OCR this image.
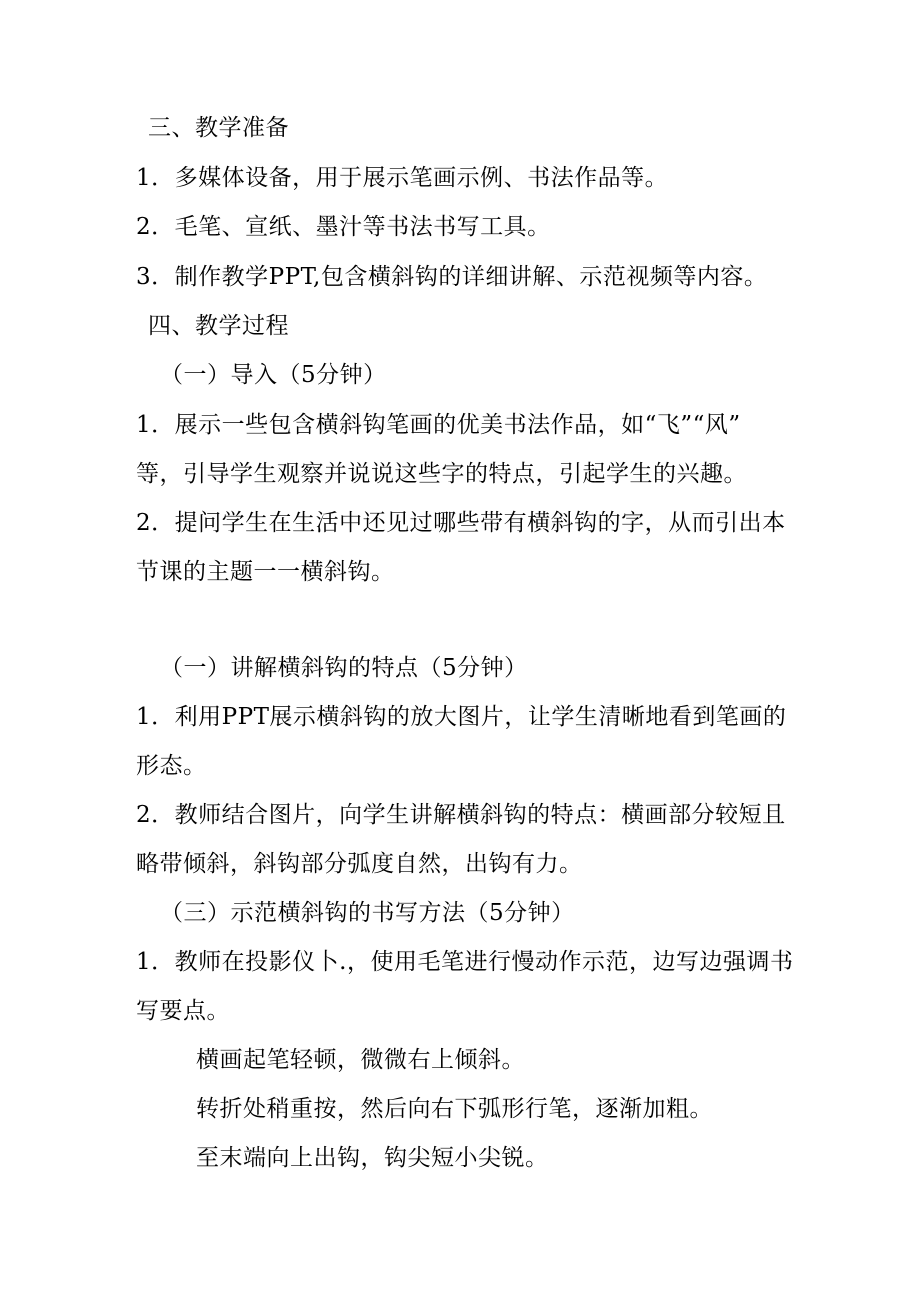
三、教学准备
1．多媒体设备，用于展示笔画示例、书法作品等。
2．毛笔、宣纸、墨汁等书法书写工具。
3．制作教学PPT,包含横斜钩的详细讲解、示范视频等内容。
四、教学过程
（一）导入（5分钟）
1．展示一些包含横斜钩笔画的优美书法作品，如“飞”“风”
等，引导学生观察并说说这些字的特点，引起学生的兴趣。
2．提问学生在生活中还见过哪些带有横斜钩的字，从而引出本
节课的主题一一横斜钩。
（一）讲解横斜钩的特点（5分钟）
1．利用PPT展示横斜钩的放大图片，让学生清晰地看到笔画的
形态。
2．教师结合图片，向学生讲解横斜钩的特点：横画部分较短且
略带倾斜，斜钩部分弧度自然，出钩有力。
（三）示范横斜钩的书写方法（5分钟）
1．教师在投影仪卜.，使用毛笔进行慢动作示范，边写边强调书
写要点。
横画起笔轻顿，微微右上倾斜。
转折处稍重按，然后向右下弧形行笔，逐渐加粗。
至末端向上出钩，钩尖短小尖锐。
